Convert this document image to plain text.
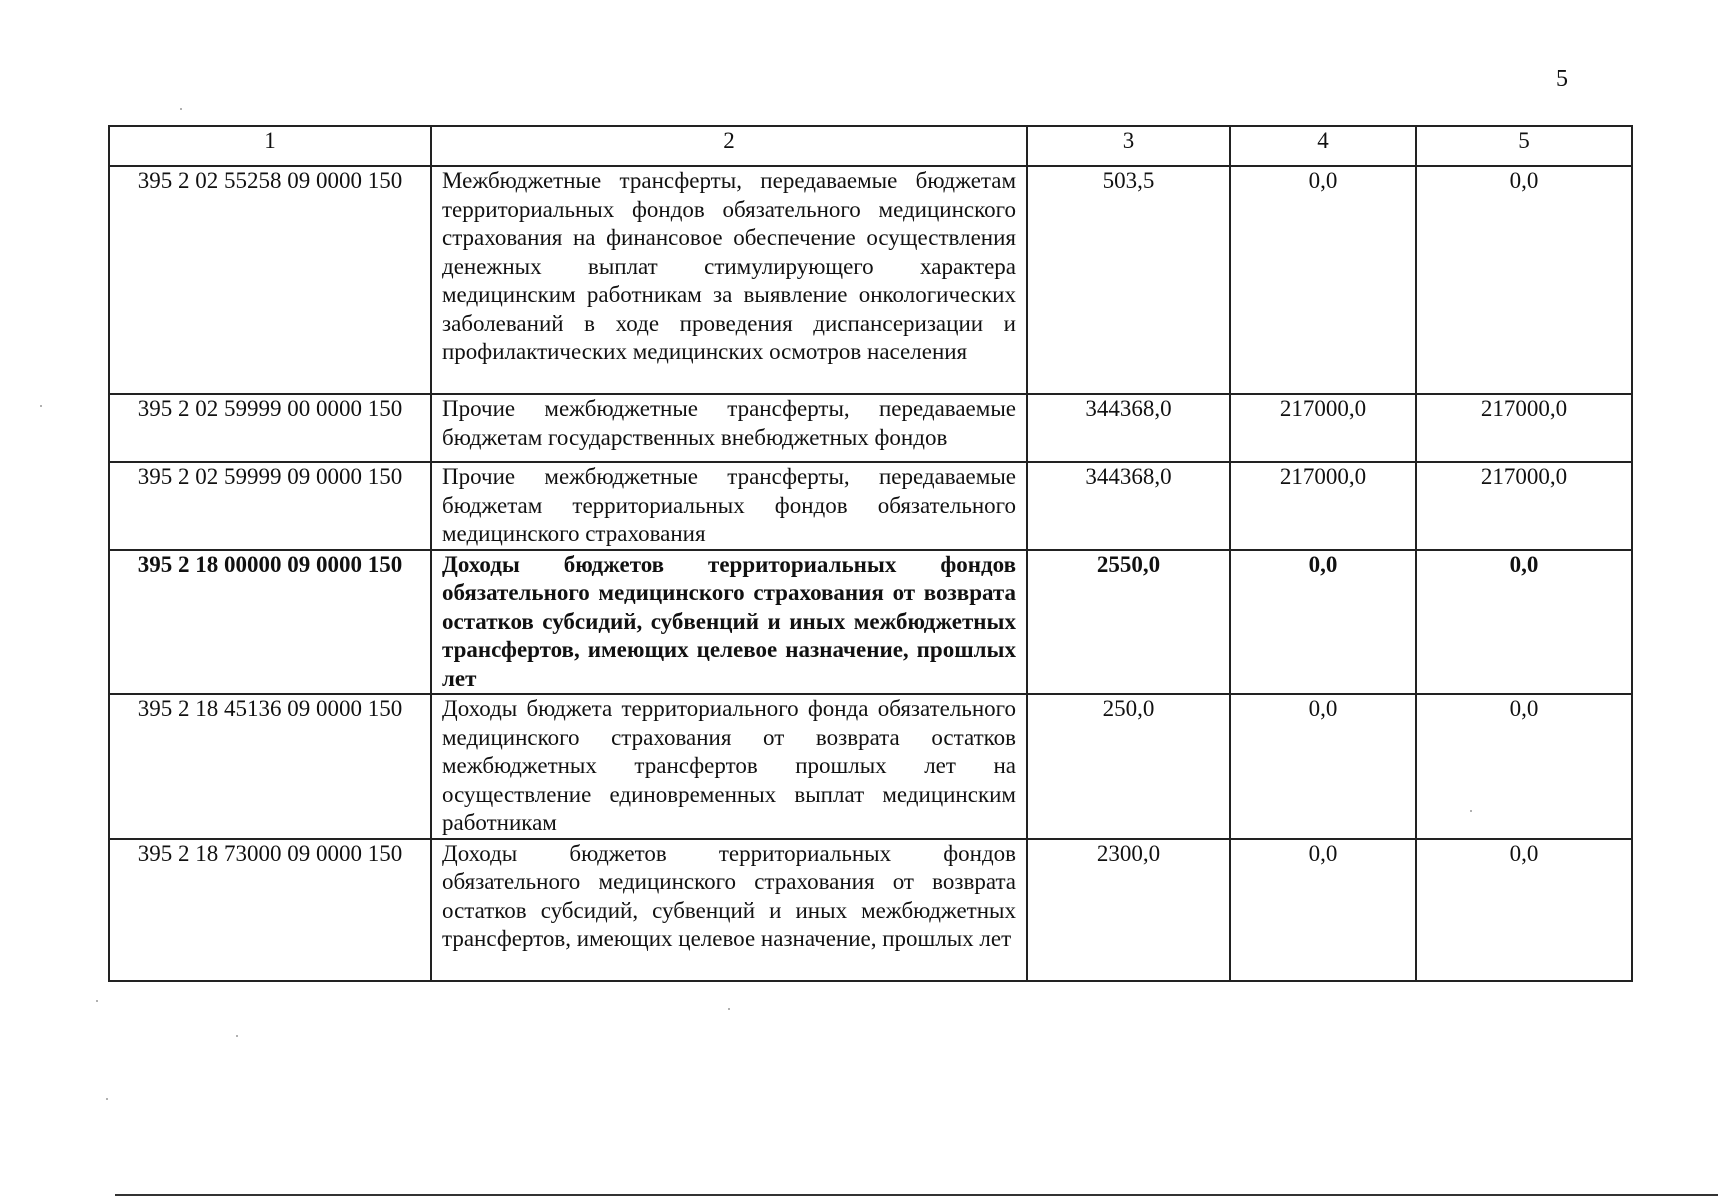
5
1	2	3	4	5
395 2 02 55258 09 0000 150	Межбюджетные трансферты, передаваемые бюджетам территориальных фондов обязательного медицинского страхования на финансовое обеспечение осуществления денежных выплат стимулирующего характера медицинским работникам за выявление онкологических заболеваний в ходе проведения диспансеризации и профилактических медицинских осмотров населения	503,5	0,0	0,0
395 2 02 59999 00 0000 150	Прочие межбюджетные трансферты, передаваемые бюджетам государственных внебюджетных фондов	344368,0	217000,0	217000,0
395 2 02 59999 09 0000 150	Прочие межбюджетные трансферты, передаваемые бюджетам территориальных фондов обязательного медицинского страхования	344368,0	217000,0	217000,0
395 2 18 00000 09 0000 150	Доходы бюджетов территориальных фондов обязательного медицинского страхования от возврата остатков субсидий, субвенций и иных межбюджетных трансфертов, имеющих целевое назначение, прошлых лет	2550,0	0,0	0,0
395 2 18 45136 09 0000 150	Доходы бюджета территориального фонда обязательного медицинского страхования от возврата остатков межбюджетных трансфертов прошлых лет на осуществление единовременных выплат медицинским работникам	250,0	0,0	0,0
395 2 18 73000 09 0000 150	Доходы бюджетов территориальных фондов обязательного медицинского страхования от возврата остатков субсидий, субвенций и иных межбюджетных трансфертов, имеющих целевое назначение, прошлых лет	2300,0	0,0	0,0
